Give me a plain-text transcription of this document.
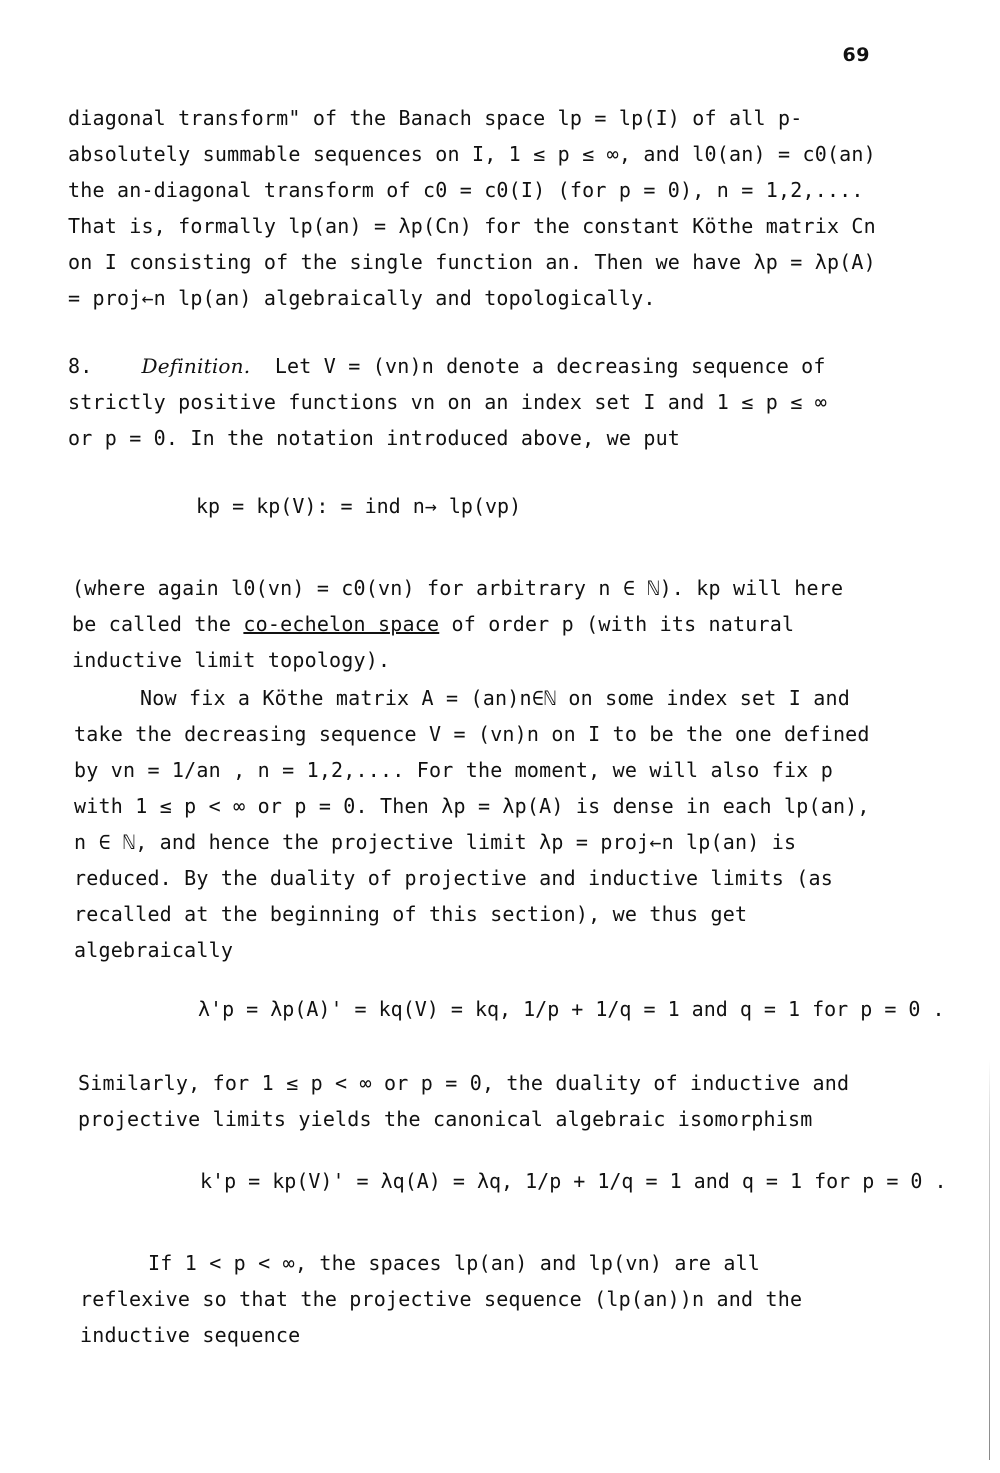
69
diagonal transform" of the Banach space lp = lp(I) of all p-absolutely summable sequences on I, 1 ≤ p ≤ ∞, and l0(an) = c0(an) the an-diagonal transform of c0 = c0(I) (for p = 0), n = 1,2,.... That is, formally lp(an) = λp(Cn) for the constant Köthe matrix Cn on I consisting of the single function an. Then we have λp = λp(A) = proj←n lp(an) algebraically and topologically.
8. Definition. Let V = (vn)n denote a decreasing sequence of strictly positive functions vn on an index set I and 1 ≤ p ≤ ∞ or p = 0. In the notation introduced above, we put
kp = kp(V): = ind n→ lp(vp)
(where again l0(vn) = c0(vn) for arbitrary n ∈ ℕ). kp will here be called the co-echelon space of order p (with its natural inductive limit topology).
Now fix a Köthe matrix A = (an)n∈ℕ on some index set I and take the decreasing sequence V = (vn)n on I to be the one defined by vn = 1/an , n = 1,2,.... For the moment, we will also fix p with 1 ≤ p < ∞ or p = 0. Then λp = λp(A) is dense in each lp(an), n ∈ ℕ, and hence the projective limit λp = proj←n lp(an) is reduced. By the duality of projective and inductive limits (as recalled at the beginning of this section), we thus get algebraically
λ'p = λp(A)' = kq(V) = kq, 1/p + 1/q = 1 and q = 1 for p = 0 .
Similarly, for 1 ≤ p < ∞ or p = 0, the duality of inductive and projective limits yields the canonical algebraic isomorphism
k'p = kp(V)' = λq(A) = λq, 1/p + 1/q = 1 and q = 1 for p = 0 .
If 1 < p < ∞, the spaces lp(an) and lp(vn) are all reflexive so that the projective sequence (lp(an))n and the inductive sequence
